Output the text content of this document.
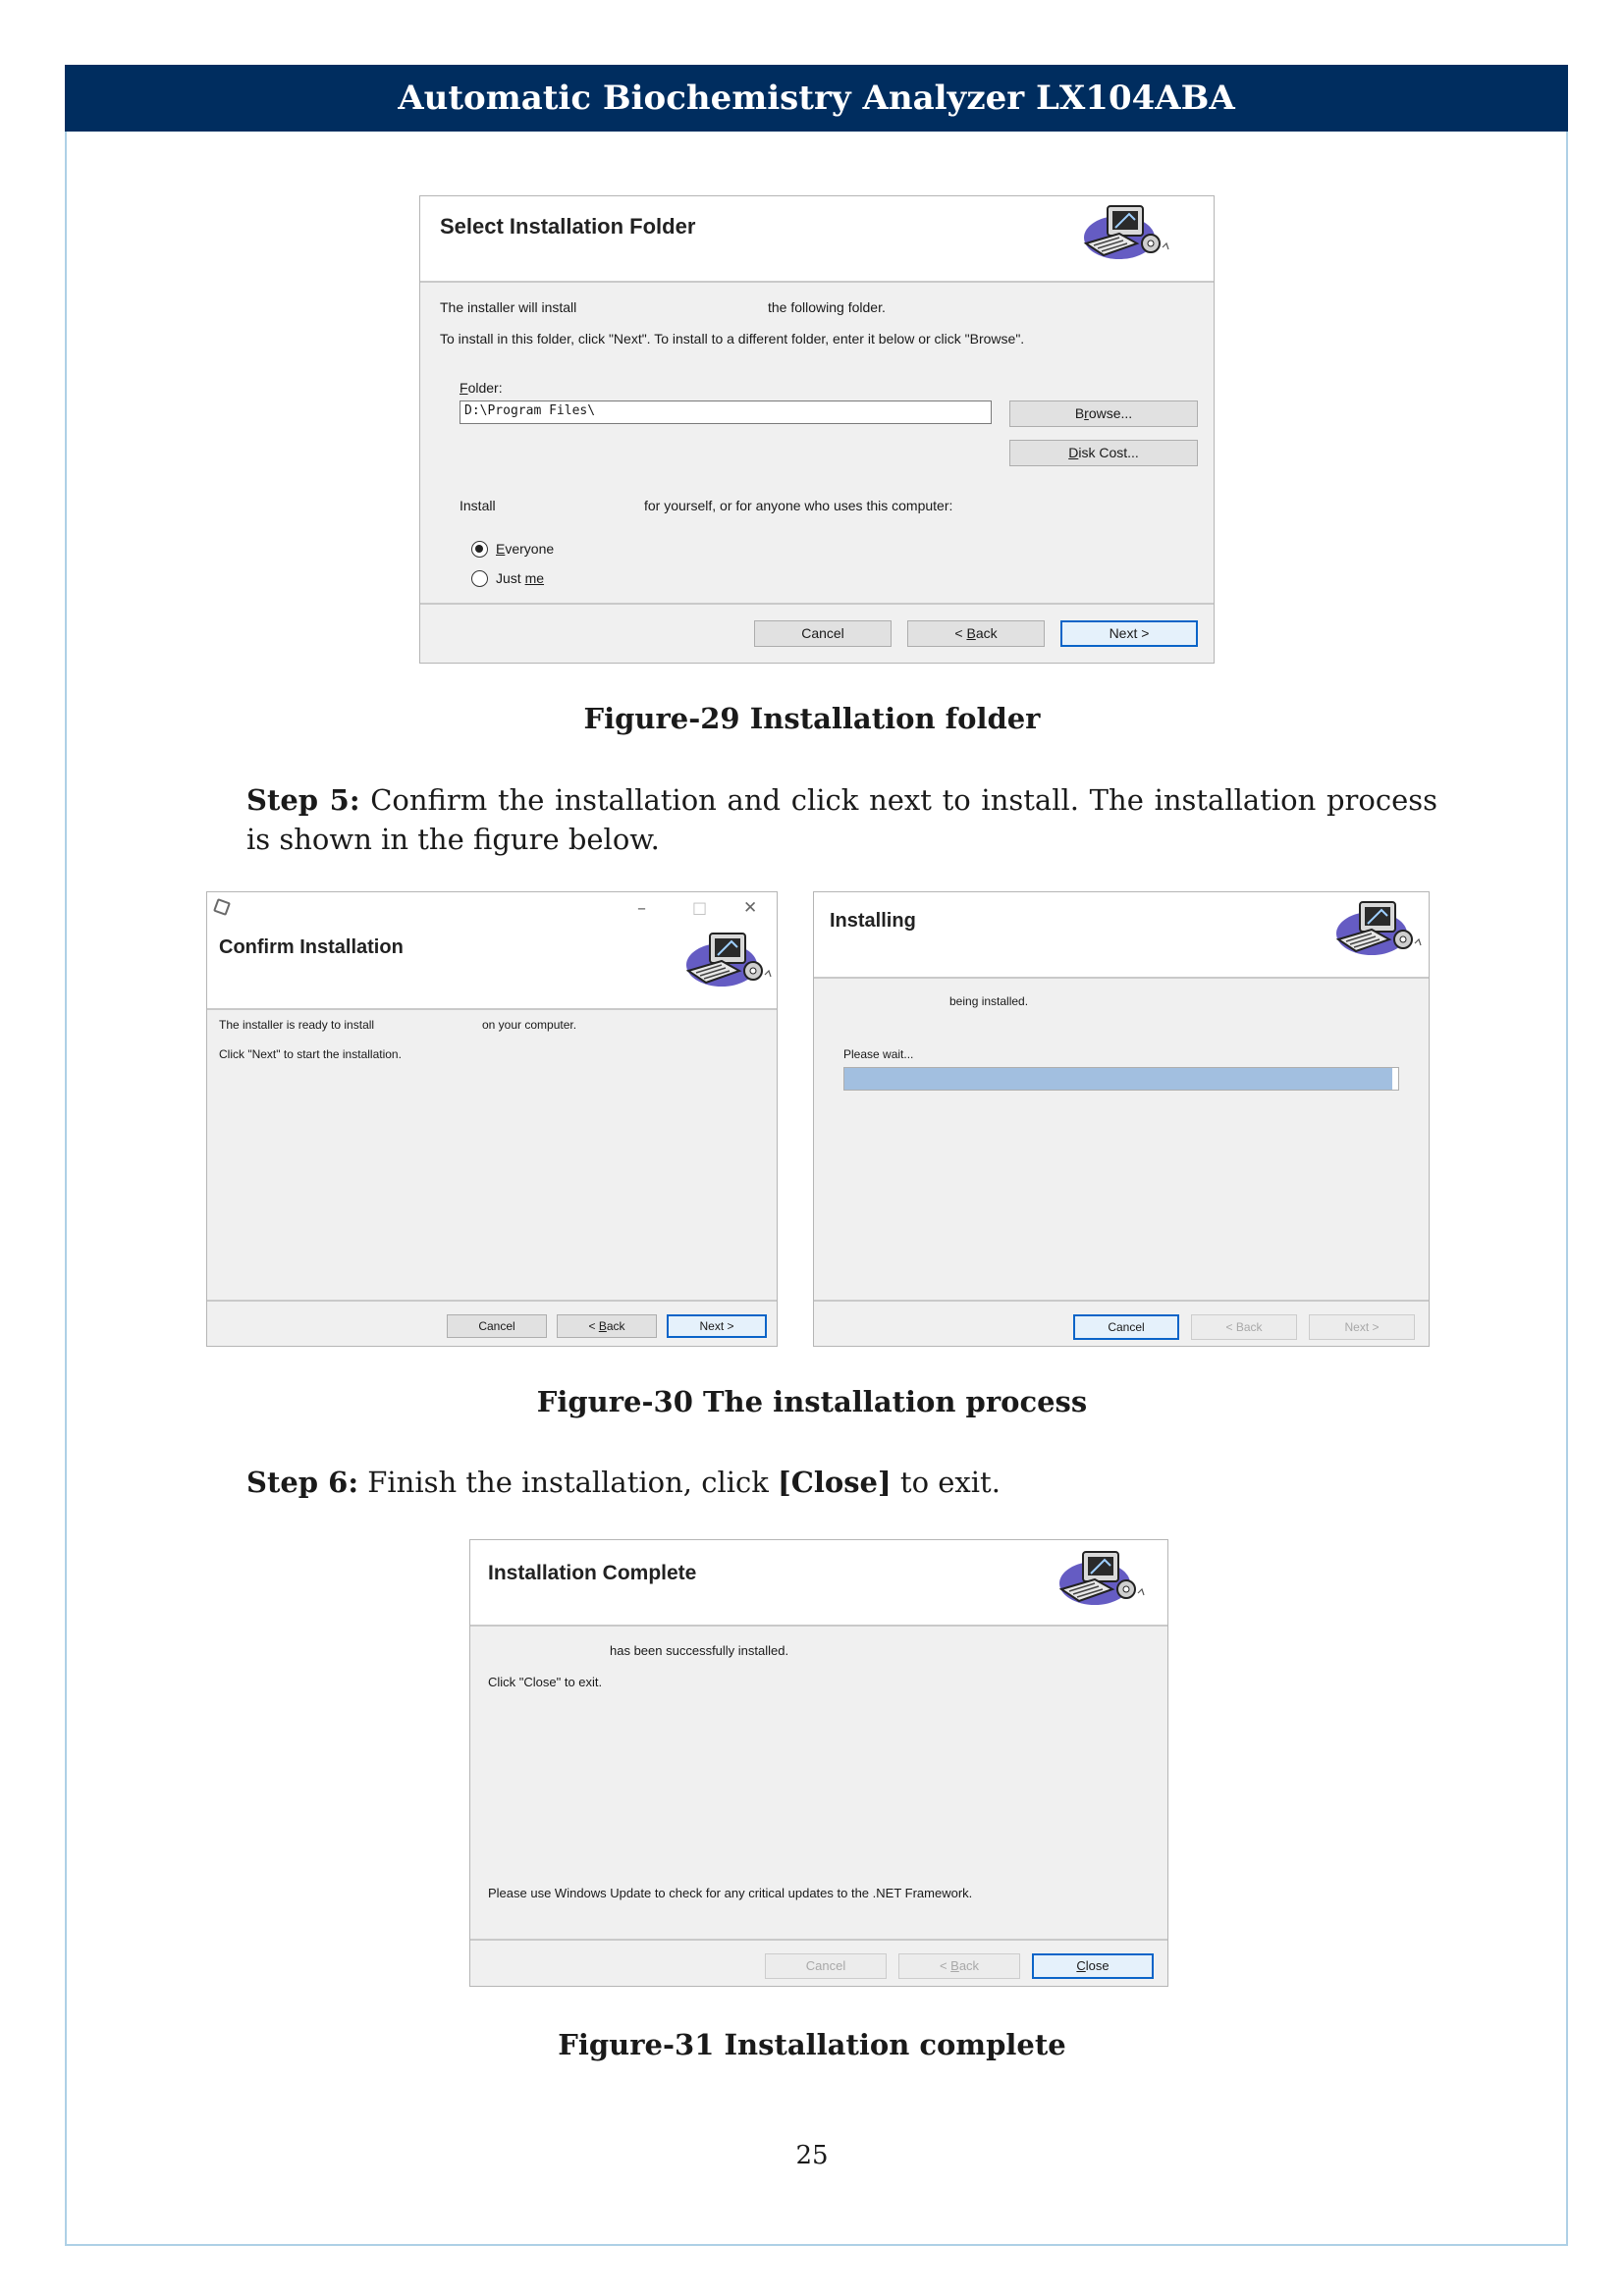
Automatic Biochemistry Analyzer LX104ABA
Select Installation Folder
The installer will install	the following folder.
To install in this folder, click "Next". To install to a different folder, enter it below or click "Browse".
Folder:
D:\Program Files\	Browse...
Disk Cost...
Install	for yourself, or for anyone who uses this computer:
Everyone
Just me
Cancel	< Back	Next >
Figure-29 Installation folder
Step 5: Confirm the installation and click next to install. The installation process is shown in the figure below.
–	□ ✕
Confirm Installation
The installer is ready to install	on your computer.
Click "Next" to start the installation.
Cancel	< Back	Next >
Installing
being installed.
Please wait...
Cancel	< Back	Next >
Figure-30 The installation process
Step 6: Finish the installation, click [Close] to exit.
Installation Complete
has been successfully installed.
Click "Close" to exit.
Please use Windows Update to check for any critical updates to the .NET Framework.
Cancel	< Back	Close
Figure-31 Installation complete
25
